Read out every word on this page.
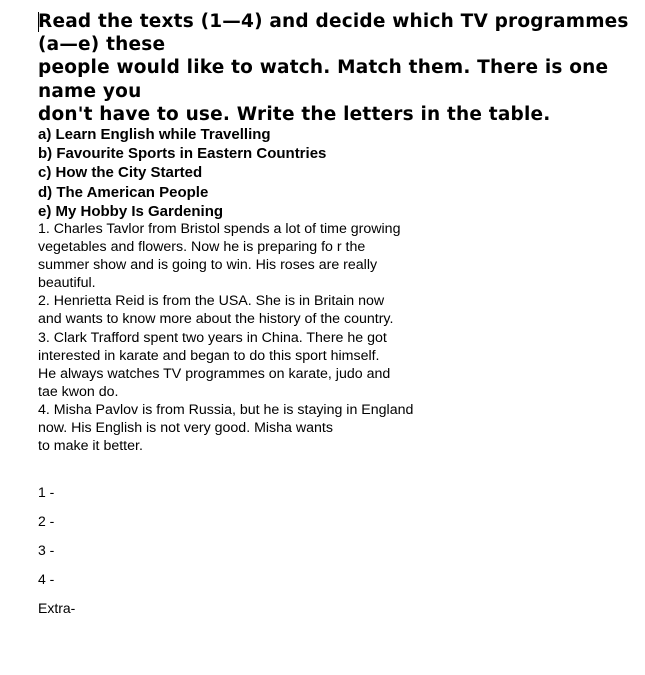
Read the texts (1—4) and decide which TV programmes
(a—e) these
people would like to watch. Match them. There is one
name you
don't have to use. Write the letters in the table.
a) Learn English while Travelling
b) Favourite Sports in Eastern Countries
c) How the City Started
d) The American People
e) My Hobby Is Gardening
1. Charles Tavlor from Bristol spends a lot of time growing
vegetables and flowers. Now he is preparing fo r the
summer show and is going to win. His roses are really
beautiful.
2. Henrietta Reid is from the USA. She is in Britain now
and wants to know more about the history of the country.
3. Clark Trafford spent two years in China. There he got
interested in karate and began to do this sport himself.
He always watches TV programmes on karate, judo and
tae kwon do.
4. Misha Pavlov is from Russia, but he is staying in England
now. His English is not very good. Misha wants
to make it better.
1 -
2 -
3 -
4 -
Extra-
